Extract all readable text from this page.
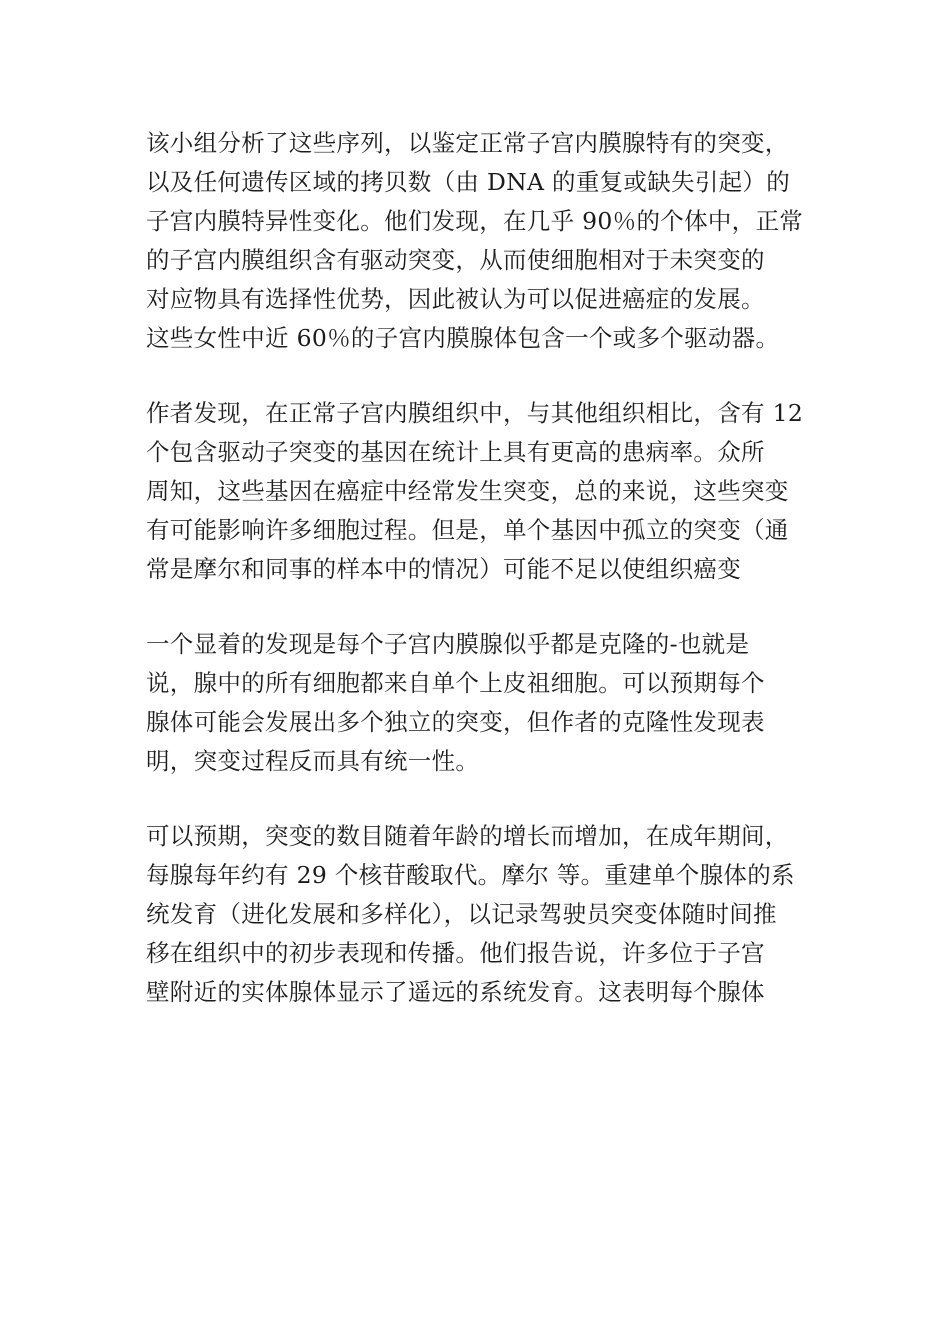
该小组分析了这些序列，以鉴定正常子宫内膜腺特有的突变，
以及任何遗传区域的拷贝数（由 DNA 的重复或缺失引起）的
子宫内膜特异性变化。他们发现，在几乎 90％的个体中，正常
的子宫内膜组织含有驱动突变，从而使细胞相对于未突变的
对应物具有选择性优势，因此被认为可以促进癌症的发展。
这些女性中近 60％的子宫内膜腺体包含一个或多个驱动器。
作者发现，在正常子宫内膜组织中，与其他组织相比，含有 12
个包含驱动子突变的基因在统计上具有更高的患病率。众所
周知，这些基因在癌症中经常发生突变，总的来说，这些突变
有可能影响许多细胞过程。但是，单个基因中孤立的突变（通
常是摩尔和同事的样本中的情况）可能不足以使组织癌变
一个显着的发现是每个子宫内膜腺似乎都是克隆的-也就是
说，腺中的所有细胞都来自单个上皮祖细胞。可以预期每个
腺体可能会发展出多个独立的突变，但作者的克隆性发现表
明，突变过程反而具有统一性。
可以预期，突变的数目随着年龄的增长而增加，在成年期间，
每腺每年约有 29 个核苷酸取代。摩尔 等。重建单个腺体的系
统发育（进化发展和多样化），以记录驾驶员突变体随时间推
移在组织中的初步表现和传播。他们报告说，许多位于子宫
壁附近的实体腺体显示了遥远的系统发育。这表明每个腺体
